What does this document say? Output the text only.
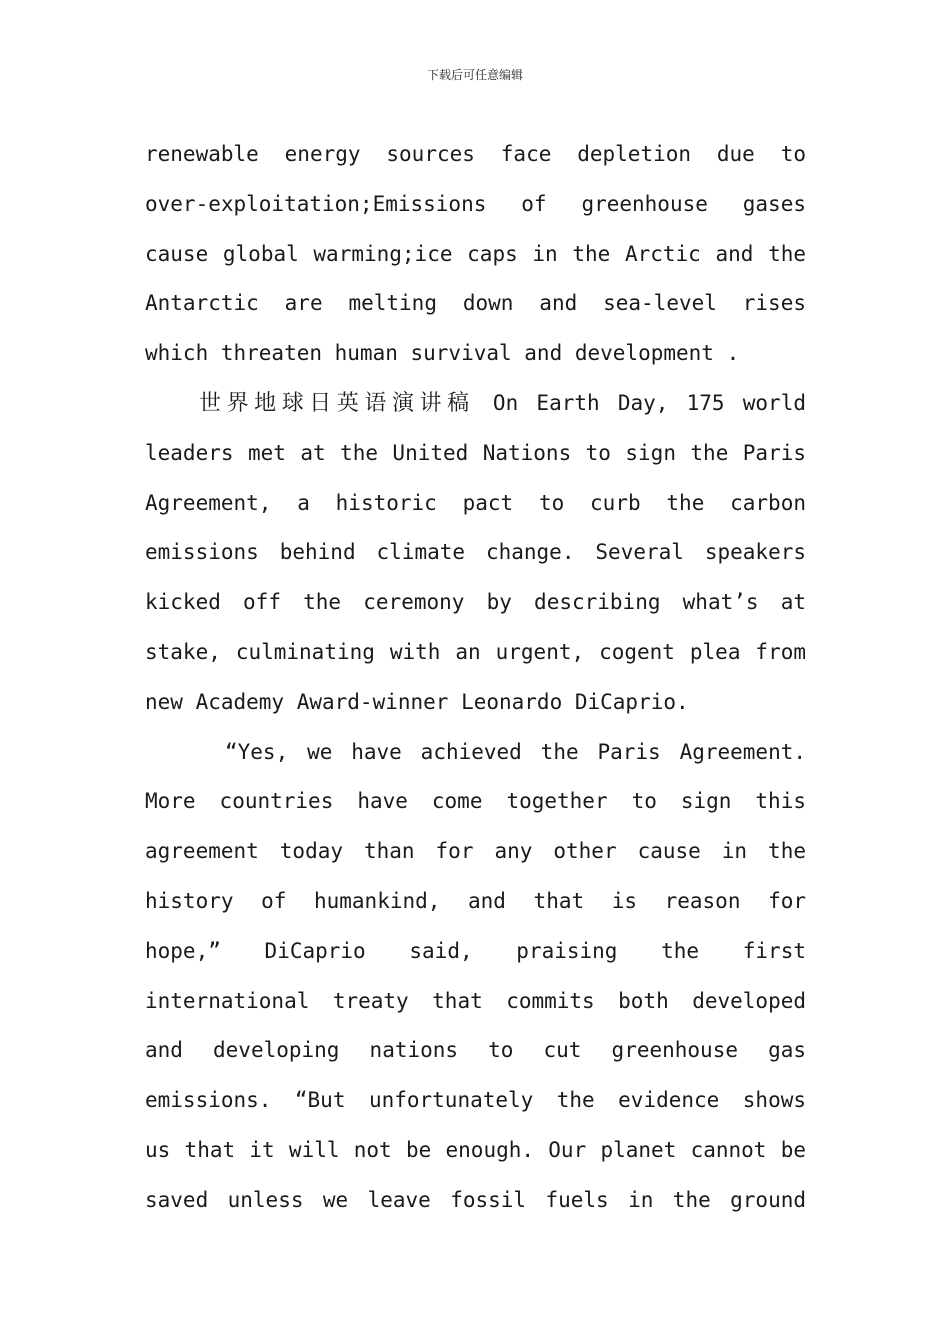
下载后可任意编辑
renewable energy sources face depletion due to
over-exploitation;Emissions of greenhouse gases
cause global warming;ice caps in the Arctic and the
Antarctic are melting down and sea-level rises
which threaten human survival and development .
世界地球日英语演讲稿 On Earth Day, 175 world
leaders met at the United Nations to sign the Paris
Agreement, a historic pact to curb the carbon
emissions behind climate change. Several speakers
kicked off the ceremony by describing what’s at
stake, culminating with an urgent, cogent plea from
new Academy Award-winner Leonardo DiCaprio.
“Yes, we have achieved the Paris Agreement.
More countries have come together to sign this
agreement today than for any other cause in the
history of humankind, and that is reason for
hope,” DiCaprio said, praising the first
international treaty that commits both developed
and developing nations to cut greenhouse gas
emissions. “But unfortunately the evidence shows
us that it will not be enough. Our planet cannot be
saved unless we leave fossil fuels in the ground
